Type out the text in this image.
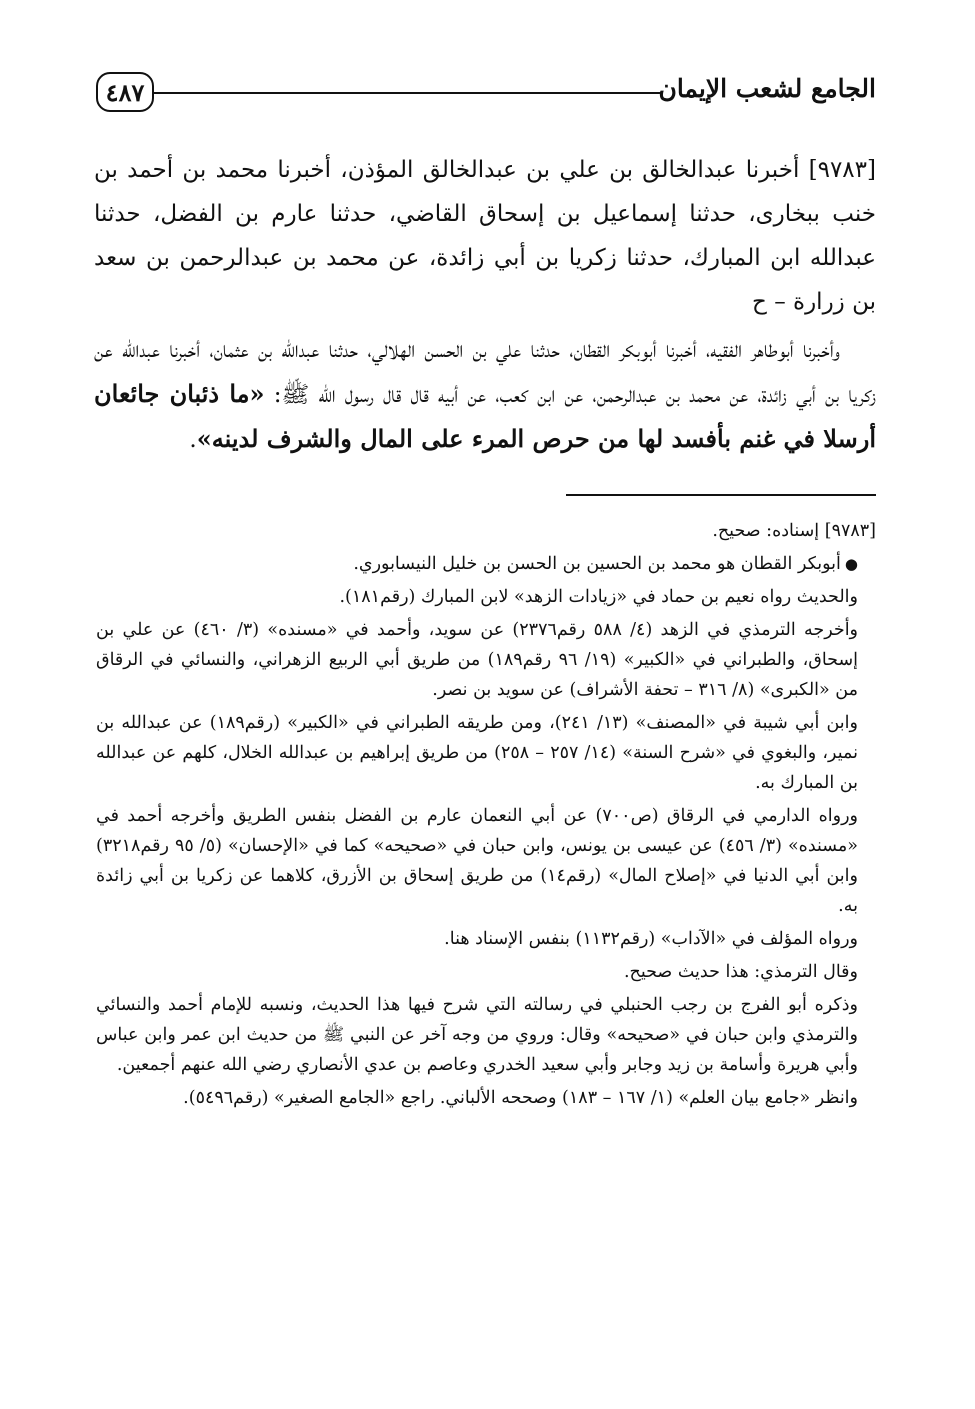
الجامع لشعب الإيمان
٤٨٧

[٩٧٨٣] أخبرنا عبدالخالق بن علي بن عبدالخالق المؤذن، أخبرنا محمد بن أحمد بن خنب ببخارى، حدثنا إسماعيل بن إسحاق القاضي، حدثنا عارم بن الفضل، حدثنا عبدالله ابن المبارك، حدثنا زكريا بن أبي زائدة، عن محمد بن عبدالرحمن بن سعد بن زرارة – ح

وأخبرنا أبوطاهر الفقيه، أخبرنا أبوبكر القطان، حدثنا علي بن الحسن الهلالي، حدثنا عبدالله بن عثمان، أخبرنا عبدالله عن زكريا بن أبي زائدة، عن محمد بن عبدالرحمن، عن ابن كعب، عن أبيه قال قال رسول الله ﷺ: «ما ذئبان جائعان أرسلا في غنم بأفسد لها من حرص المرء على المال والشرف لدينه».

[٩٧٨٣] إسناده: صحيح.

●أبوبكر القطان هو محمد بن الحسين بن الحسن بن خليل النيسابوري.

والحديث رواه نعيم بن حماد في «زيادات الزهد» لابن المبارك (رقم١٨١).

وأخرجه الترمذي في الزهد (٤/ ٥٨٨ رقم٢٣٧٦) عن سويد، وأحمد في «مسنده» (٣/ ٤٦٠) عن علي بن إسحاق، والطبراني في «الكبير» (١٩/ ٩٦ رقم١٨٩) من طريق أبي الربيع الزهراني، والنسائي في الرقاق من «الكبرى» (٨/ ٣١٦ – تحفة الأشراف) عن سويد بن نصر.

وابن أبي شيبة في «المصنف» (١٣/ ٢٤١)، ومن طريقه الطبراني في «الكبير» (رقم١٨٩) عن عبدالله بن نمير، والبغوي في «شرح السنة» (١٤/ ٢٥٧ – ٢٥٨) من طريق إبراهيم بن عبدالله الخلال، كلهم عن عبدالله بن المبارك به.

ورواه الدارمي في الرقاق (ص٧٠٠) عن أبي النعمان عارم بن الفضل بنفس الطريق وأخرجه أحمد في «مسنده» (٣/ ٤٥٦) عن عيسى بن يونس، وابن حبان في «صحيحه» كما في «الإحسان» (٥/ ٩٥ رقم٣٢١٨) وابن أبي الدنيا في «إصلاح المال» (رقم١٤) من طريق إسحاق بن الأزرق، كلاهما عن زكريا بن أبي زائدة به.

ورواه المؤلف في «الآداب» (رقم١١٣٢) بنفس الإسناد هنا.

وقال الترمذي: هذا حديث صحيح.

وذكره أبو الفرج بن رجب الحنبلي في رسالته التي شرح فيها هذا الحديث، ونسبه للإمام أحمد والنسائي والترمذي وابن حبان في «صحيحه» وقال: وروي من وجه آخر عن النبي ﷺ من حديث ابن عمر وابن عباس وأبي هريرة وأسامة بن زيد وجابر وأبي سعيد الخدري وعاصم بن عدي الأنصاري رضي الله عنهم أجمعين.

وانظر «جامع بيان العلم» (١/ ١٦٧ – ١٨٣) وصححه الألباني. راجع «الجامع الصغير» (رقم٥٤٩٦).
